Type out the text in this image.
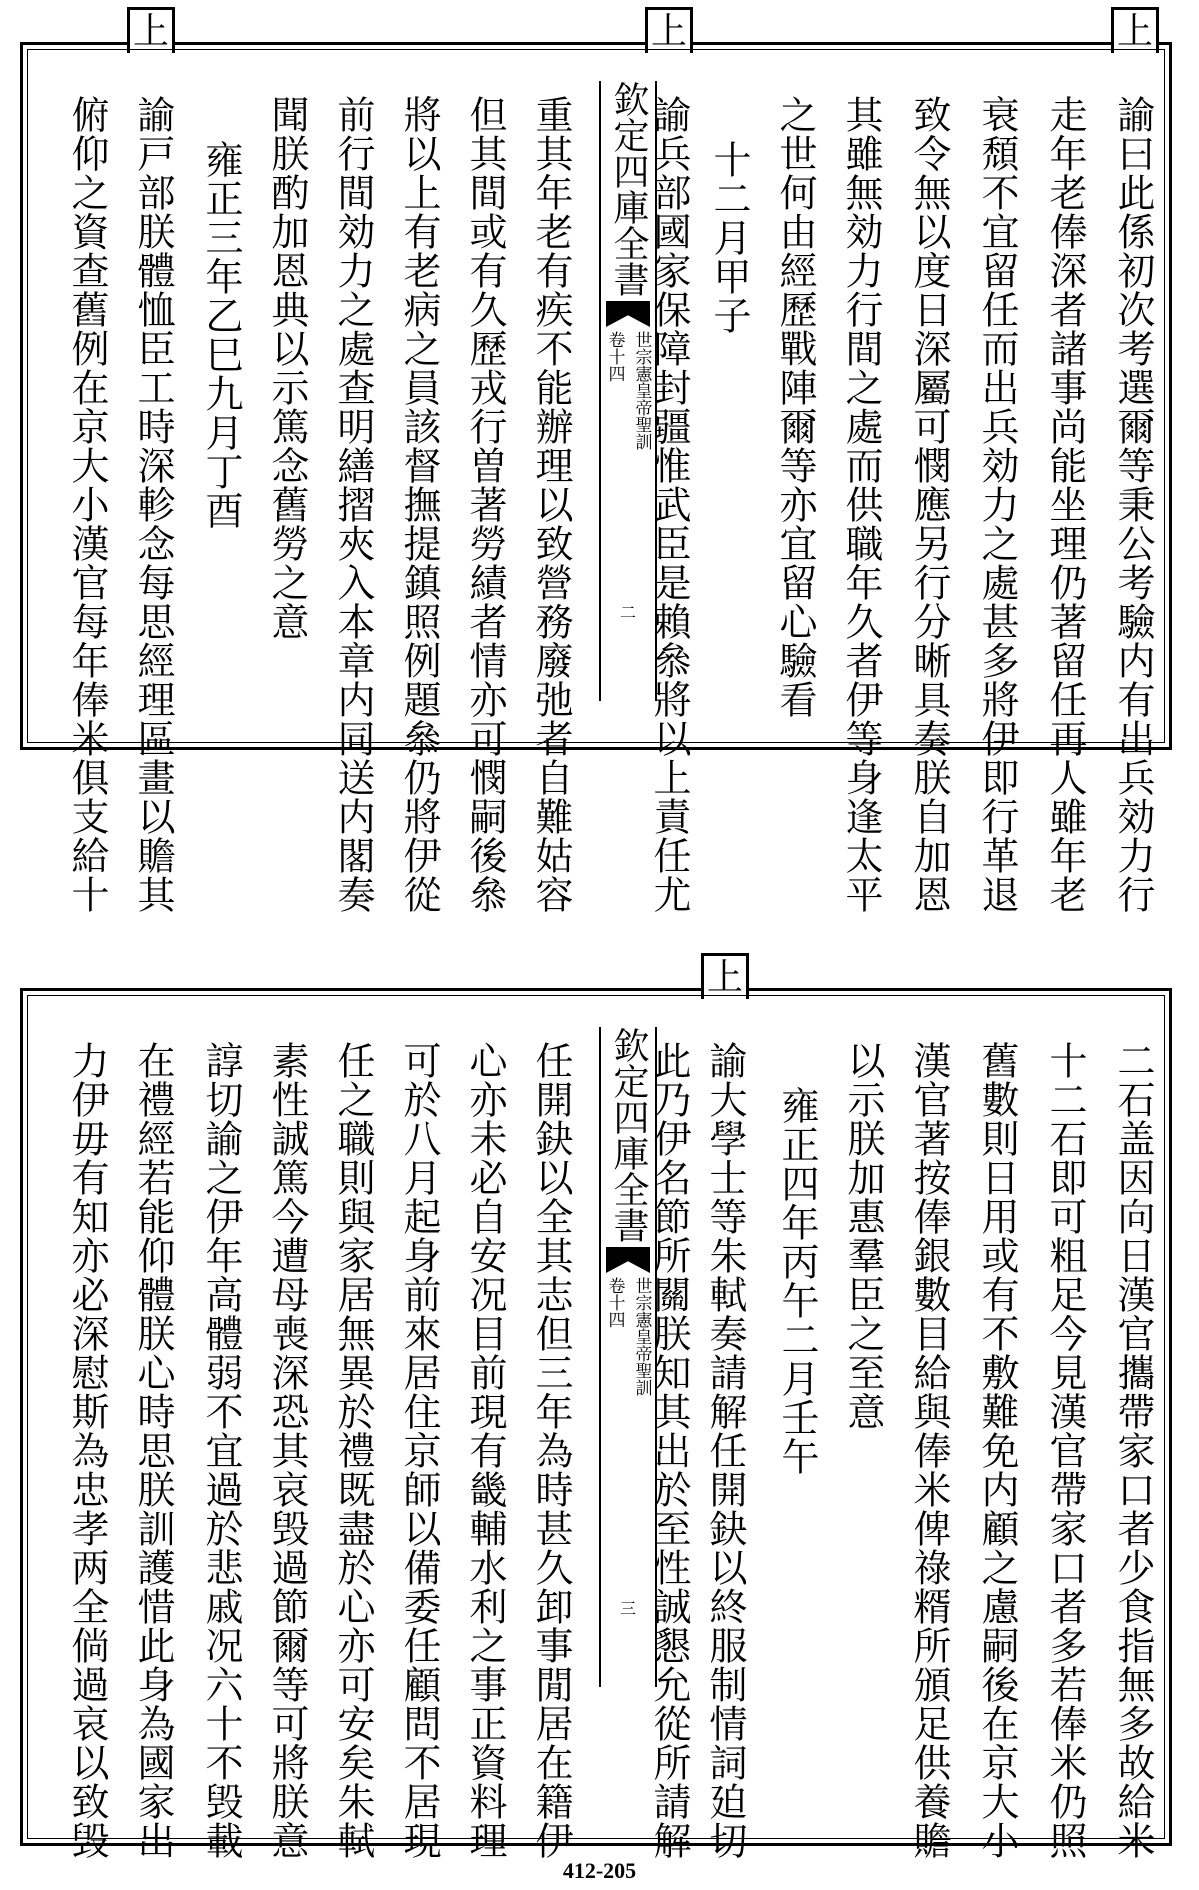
上
上
上
諭曰此係初次考選爾等秉公考驗内有出兵効力行
走年老俸深者諸事尚能坐理仍著留任再人雖年老
衰頹不宜留任而出兵効力之處甚多將伊即行革退
致令無以度日深屬可憫應另行分晰具奏朕自加恩
其雖無効力行間之處而供職年久者伊等身逢太平
之世何由經歷戰陣爾等亦宜留心驗看
十二月甲子
欽定四庫全書
世宗憲皇帝聖訓
卷十四
二 諭兵部國家保障封疆惟武臣是賴叅將以上責任尤
重其年老有疾不能辦理以致營務廢弛者自難姑容
但其間或有久歷戎行曽著勞績者情亦可憫嗣後叅
將以上有老病之員該督撫提鎮照例題叅仍將伊從
前行間効力之處查明繕摺夾入本章内同送内閣奏
聞朕酌加恩典以示篤念舊勞之意
雍正三年乙巳九月丁酉
諭戸部朕體恤臣工時深軫念每思經理區畫以贍其
俯仰之資查舊例在京大小漢官每年俸米俱支給十
上
二石盖因向日漢官攜帶家口者少食指無多故給米
十二石即可粗足今見漢官帶家口者多若俸米仍照
舊數則日用或有不敷難免内顧之慮嗣後在京大小
漢官著按俸銀數目給與俸米俾祿糈所頒足供養贍
以示朕加惠羣臣之至意
雍正四年丙午二月壬午
諭大學士等朱軾奏請解任開鈌以終服制情詞廹切
欽定四庫全書
世宗憲皇帝聖訓
卷十四
三 此乃伊名節所關朕知其出於至性誠懇允從所請解
任開鈌以全其志但三年為時甚久卸事閒居在籍伊
心亦未必自安况目前現有畿輔水利之事正資料理
可於八月起身前來居住京師以備委任顧問不居現
任之職則與家居無異於禮既盡於心亦可安矣朱軾
素性誠篤今遭母喪深恐其哀毁過節爾等可將朕意
諄切諭之伊年高體弱不宜過於悲戚况六十不毁載
在禮經若能仰體朕心時思朕訓護惜此身為國家出
力伊毋有知亦必深慰斯為忠孝两全倘過哀以致毁
412-205
